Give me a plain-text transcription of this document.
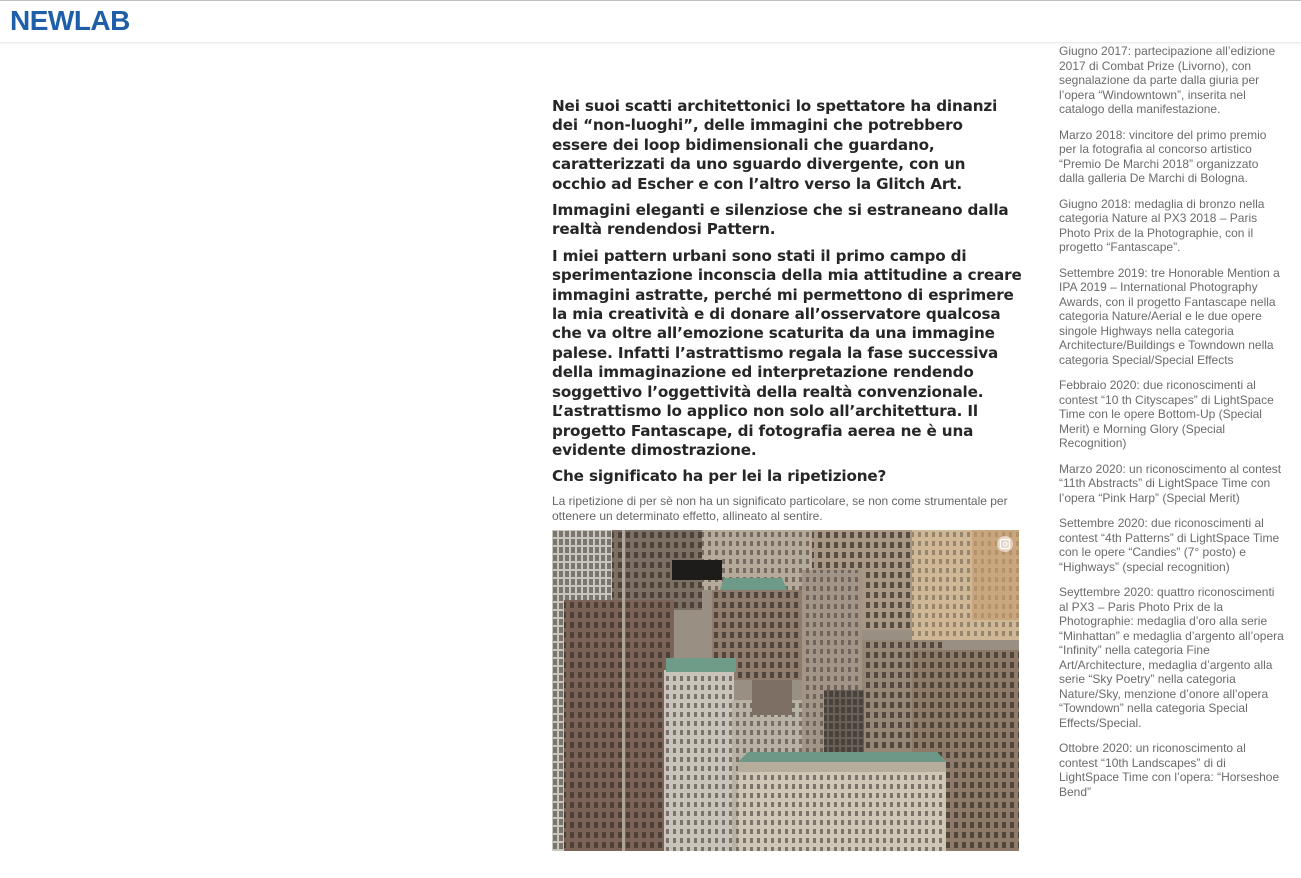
NEWLAB

Nei suoi scatti architettonici lo spettatore ha dinanzi dei “non-luoghi”, delle immagini che potrebbero essere dei loop bidimensionali che guardano, caratterizzati da uno sguardo divergente, con un occhio ad Escher e con l’altro verso la Glitch Art.

Immagini eleganti e silenziose che si estraneano dalla realtà rendendosi Pattern.

I miei pattern urbani sono stati il primo campo di sperimentazione inconscia della mia attitudine a creare immagini astratte, perché mi permettono di esprimere la mia creatività e di donare all’osservatore qualcosa che va oltre all’emozione scaturita da una immagine palese. Infatti l’astrattismo regala la fase successiva della immaginazione ed interpretazione rendendo soggettivo l’oggettività della realtà convenzionale. L’astrattismo lo applico non solo all’architettura. Il progetto Fantascape, di fotografia aerea ne è una evidente dimostrazione.

Che significato ha per lei la ripetizione?

La ripetizione di per sè non ha un significato particolare, se non come strumentale per ottenere un determinato effetto, allineato al sentire.

Giugno 2017: partecipazione all’edizione 2017 di Combat Prize (Livorno), con segnalazione da parte dalla giuria per l’opera “Windowntown”, inserita nel catalogo della manifestazione.

Marzo 2018: vincitore del primo premio per la fotografia al concorso artistico “Premio De Marchi 2018” organizzato dalla galleria De Marchi di Bologna.

Giugno 2018: medaglia di bronzo nella categoria Nature al PX3 2018 – Paris Photo Prix de la Photographie, con il progetto “Fantascape”.

Settembre 2019: tre Honorable Mention a IPA 2019 – International Photography Awards, con il progetto Fantascape nella categoria Nature/Aerial e le due opere singole Highways nella categoria Architecture/Buildings e Towndown nella categoria Special/Special Effects

Febbraio 2020: due riconoscimenti al contest “10 th Cityscapes” di LightSpace Time con le opere Bottom-Up (Special Merit) e Morning Glory (Special Recognition)

Marzo 2020: un riconoscimento al contest “11th Abstracts” di LightSpace Time con l’opera “Pink Harp” (Special Merit)

Settembre 2020: due riconoscimenti al contest “4th Patterns” di LightSpace Time con le opere “Candies” (7° posto) e “Highways” (special recognition)

Seyttembre 2020: quattro riconoscimenti al PX3 – Paris Photo Prix de la Photographie: medaglia d’oro alla serie “Minhattan” e medaglia d’argento all’opera “Infinity” nella categoria Fine Art/Architecture, medaglia d’argento alla serie “Sky Poetry” nella categoria Nature/Sky, menzione d’onore all’opera “Towndown” nella categoria Special Effects/Special.

Ottobre 2020: un riconoscimento al contest “10th Landscapes” di di LightSpace Time con l’opera: “Horseshoe Bend”
